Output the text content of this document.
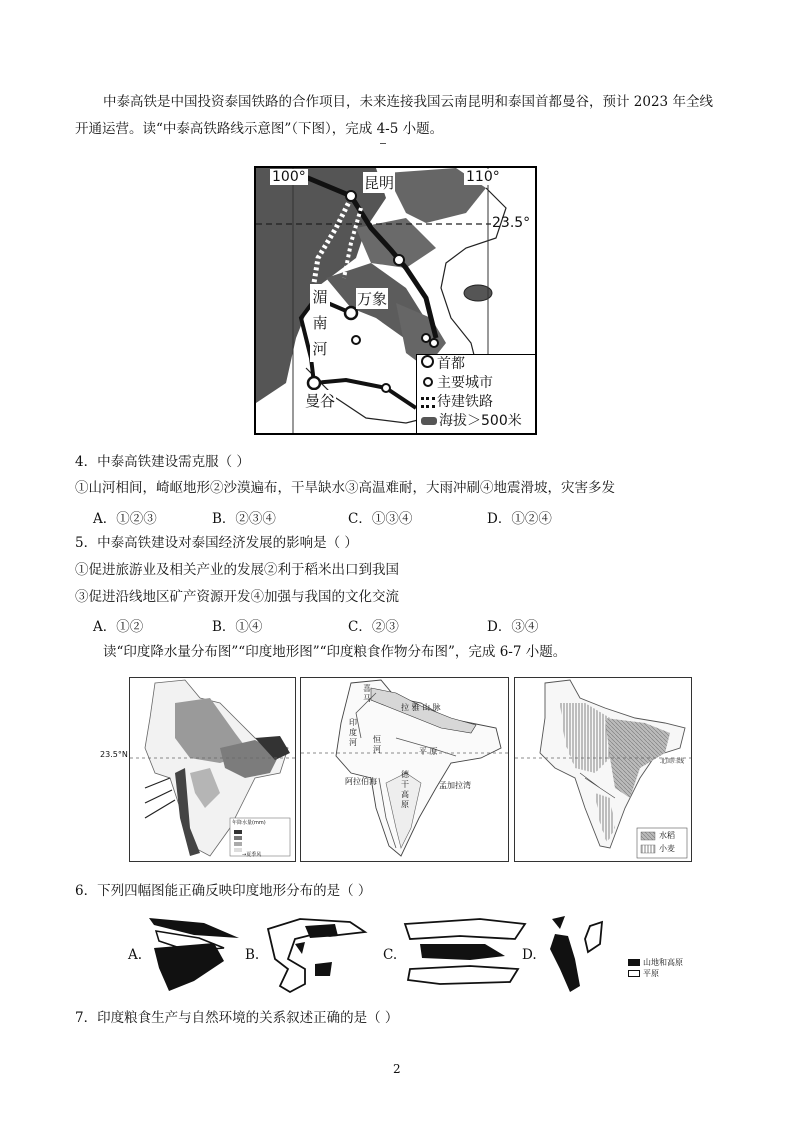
中泰高铁是中国投资泰国铁路的合作项目，未来连接我国云南昆明和泰国首都曼谷，预计 2023 年全线
开通运营。读“中泰高铁路线示意图”（下图），完成 4-5 小题。
100°	110°
23.5°
昆明
万象
曼谷
湄
南
河
首都
主要城市
待建铁路
海拔＞500米
4．中泰高铁建设需克服（ ）
①山河相间，崎岖地形②沙漠遍布，干旱缺水③高温难耐，大雨冲刷④地震滑坡，灾害多发
A．①②③	B．②③④	C．①③④	D．①②④
5．中泰高铁建设对泰国经济发展的影响是（ ）
①促进旅游业及相关产业的发展②利于稻米出口到我国
③促进沿线地区矿产资源开发④加强与我国的文化交流
A．①②	B．①④	C．②③	D．③④
读“印度降水量分布图”“印度地形图”“印度粮食作物分布图”，完成 6-7 小题。
年降水量(mm)
→夏季风
23.5°N
喜
马
拉 雅 山 脉
恒
河	平 原
印
度
河
阿拉伯海
德
干
高
原
孟加拉湾
北回归线
水稻
小麦
6．下列四幅图能正确反映印度地形分布的是（ ）
A.	B.	C.	D.	山地和高原
平原
7．印度粮食生产与自然环境的关系叙述正确的是（ ）
2
